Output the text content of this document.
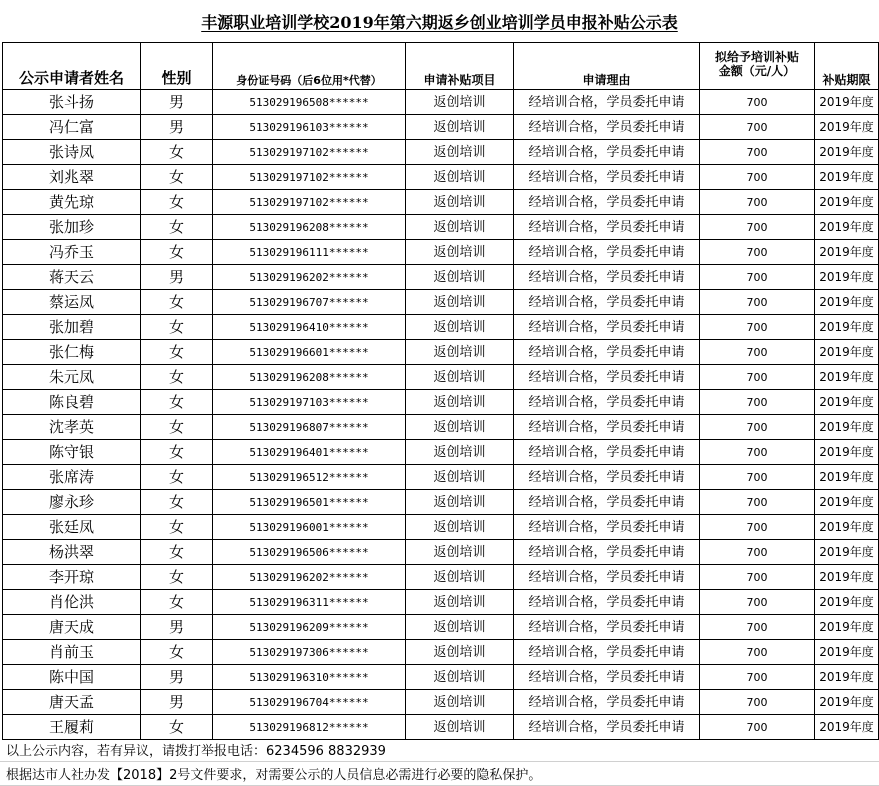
丰源职业培训学校2019年第六期返乡创业培训学员申报补贴公示表
公示申请者姓名	性别	身份证号码（后6位用*代替）	申请补贴项目	申请理由	拟给予培训补贴
金额（元/人）	补贴期限
张斗扬	男	513029196508******	返创培训	经培训合格，学员委托申请	700	2019年度
冯仁富	男	513029196103******	返创培训	经培训合格，学员委托申请	700	2019年度
张诗凤	女	513029197102******	返创培训	经培训合格，学员委托申请	700	2019年度
刘兆翠	女	513029197102******	返创培训	经培训合格，学员委托申请	700	2019年度
黄先琼	女	513029197102******	返创培训	经培训合格，学员委托申请	700	2019年度
张加珍	女	513029196208******	返创培训	经培训合格，学员委托申请	700	2019年度
冯乔玉	女	513029196111******	返创培训	经培训合格，学员委托申请	700	2019年度
蒋天云	男	513029196202******	返创培训	经培训合格，学员委托申请	700	2019年度
蔡运凤	女	513029196707******	返创培训	经培训合格，学员委托申请	700	2019年度
张加碧	女	513029196410******	返创培训	经培训合格，学员委托申请	700	2019年度
张仁梅	女	513029196601******	返创培训	经培训合格，学员委托申请	700	2019年度
朱元凤	女	513029196208******	返创培训	经培训合格，学员委托申请	700	2019年度
陈良碧	女	513029197103******	返创培训	经培训合格，学员委托申请	700	2019年度
沈孝英	女	513029196807******	返创培训	经培训合格，学员委托申请	700	2019年度
陈守银	女	513029196401******	返创培训	经培训合格，学员委托申请	700	2019年度
张席涛	女	513029196512******	返创培训	经培训合格，学员委托申请	700	2019年度
廖永珍	女	513029196501******	返创培训	经培训合格，学员委托申请	700	2019年度
张廷凤	女	513029196001******	返创培训	经培训合格，学员委托申请	700	2019年度
杨洪翠	女	513029196506******	返创培训	经培训合格，学员委托申请	700	2019年度
李开琼	女	513029196202******	返创培训	经培训合格，学员委托申请	700	2019年度
肖伦洪	女	513029196311******	返创培训	经培训合格，学员委托申请	700	2019年度
唐天成	男	513029196209******	返创培训	经培训合格，学员委托申请	700	2019年度
肖前玉	女	513029197306******	返创培训	经培训合格，学员委托申请	700	2019年度
陈中国	男	513029196310******	返创培训	经培训合格，学员委托申请	700	2019年度
唐天孟	男	513029196704******	返创培训	经培训合格，学员委托申请	700	2019年度
王履莉	女	513029196812******	返创培训	经培训合格，学员委托申请	700	2019年度
以上公示内容，若有异议，请拨打举报电话：6234596 8832939
根据达市人社办发【2018】2号文件要求，对需要公示的人员信息必需进行必要的隐私保护。
